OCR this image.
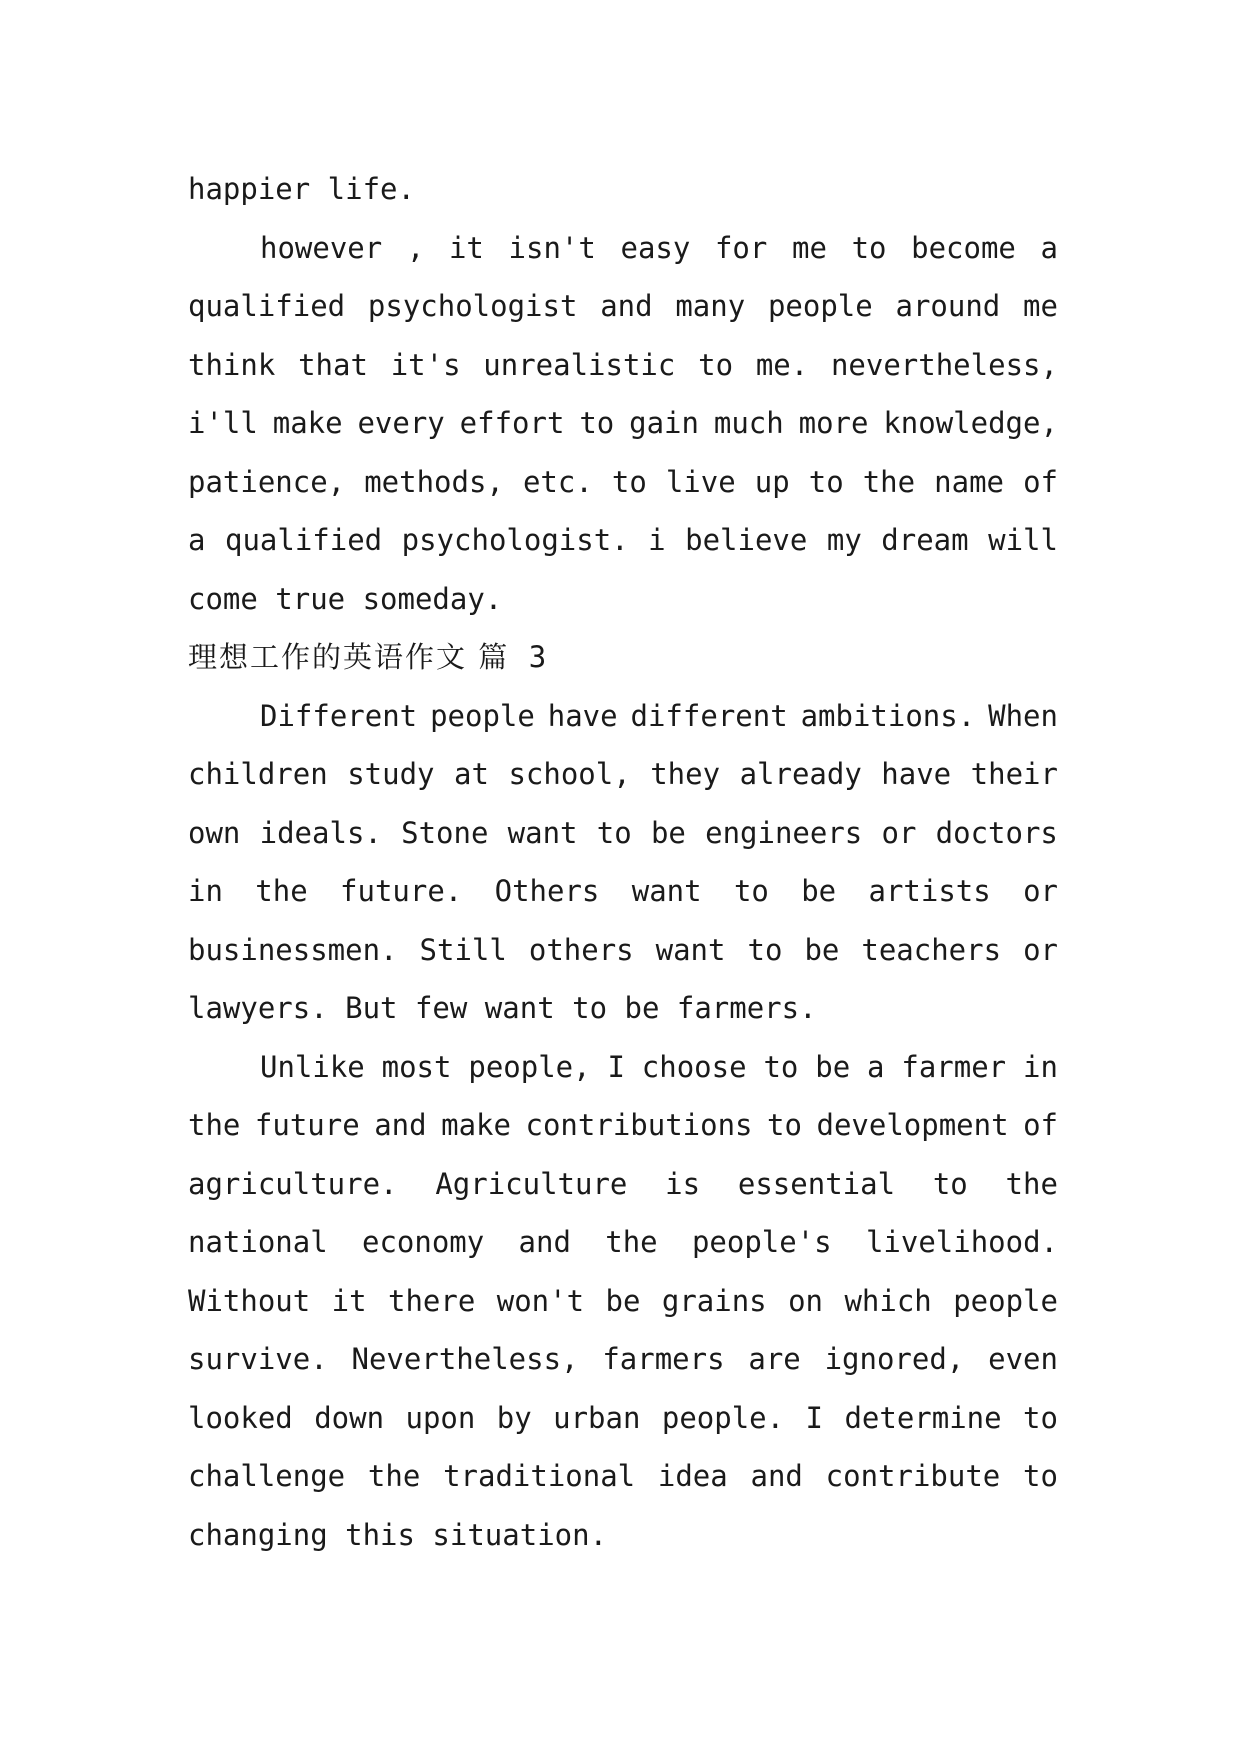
happier life.
however , it isn't easy for me to become a
qualified psychologist and many people around me
think that it's unrealistic to me. nevertheless,
i'll make every effort to gain much more knowledge,
patience, methods, etc. to live up to the name of
a qualified psychologist. i believe my dream will
come true someday.
理想工作的英语作文 篇 3
Different people have different ambitions. When
children study at school, they already have their
own ideals. Stone want to be engineers or doctors
in the future. Others want to be artists or
businessmen. Still others want to be teachers or
lawyers. But few want to be farmers.
Unlike most people, I choose to be a farmer in
the future and make contributions to development of
agriculture. Agriculture is essential to the
national economy and the people's livelihood.
Without it there won't be grains on which people
survive. Nevertheless, farmers are ignored, even
looked down upon by urban people. I determine to
challenge the traditional idea and contribute to
changing this situation.
